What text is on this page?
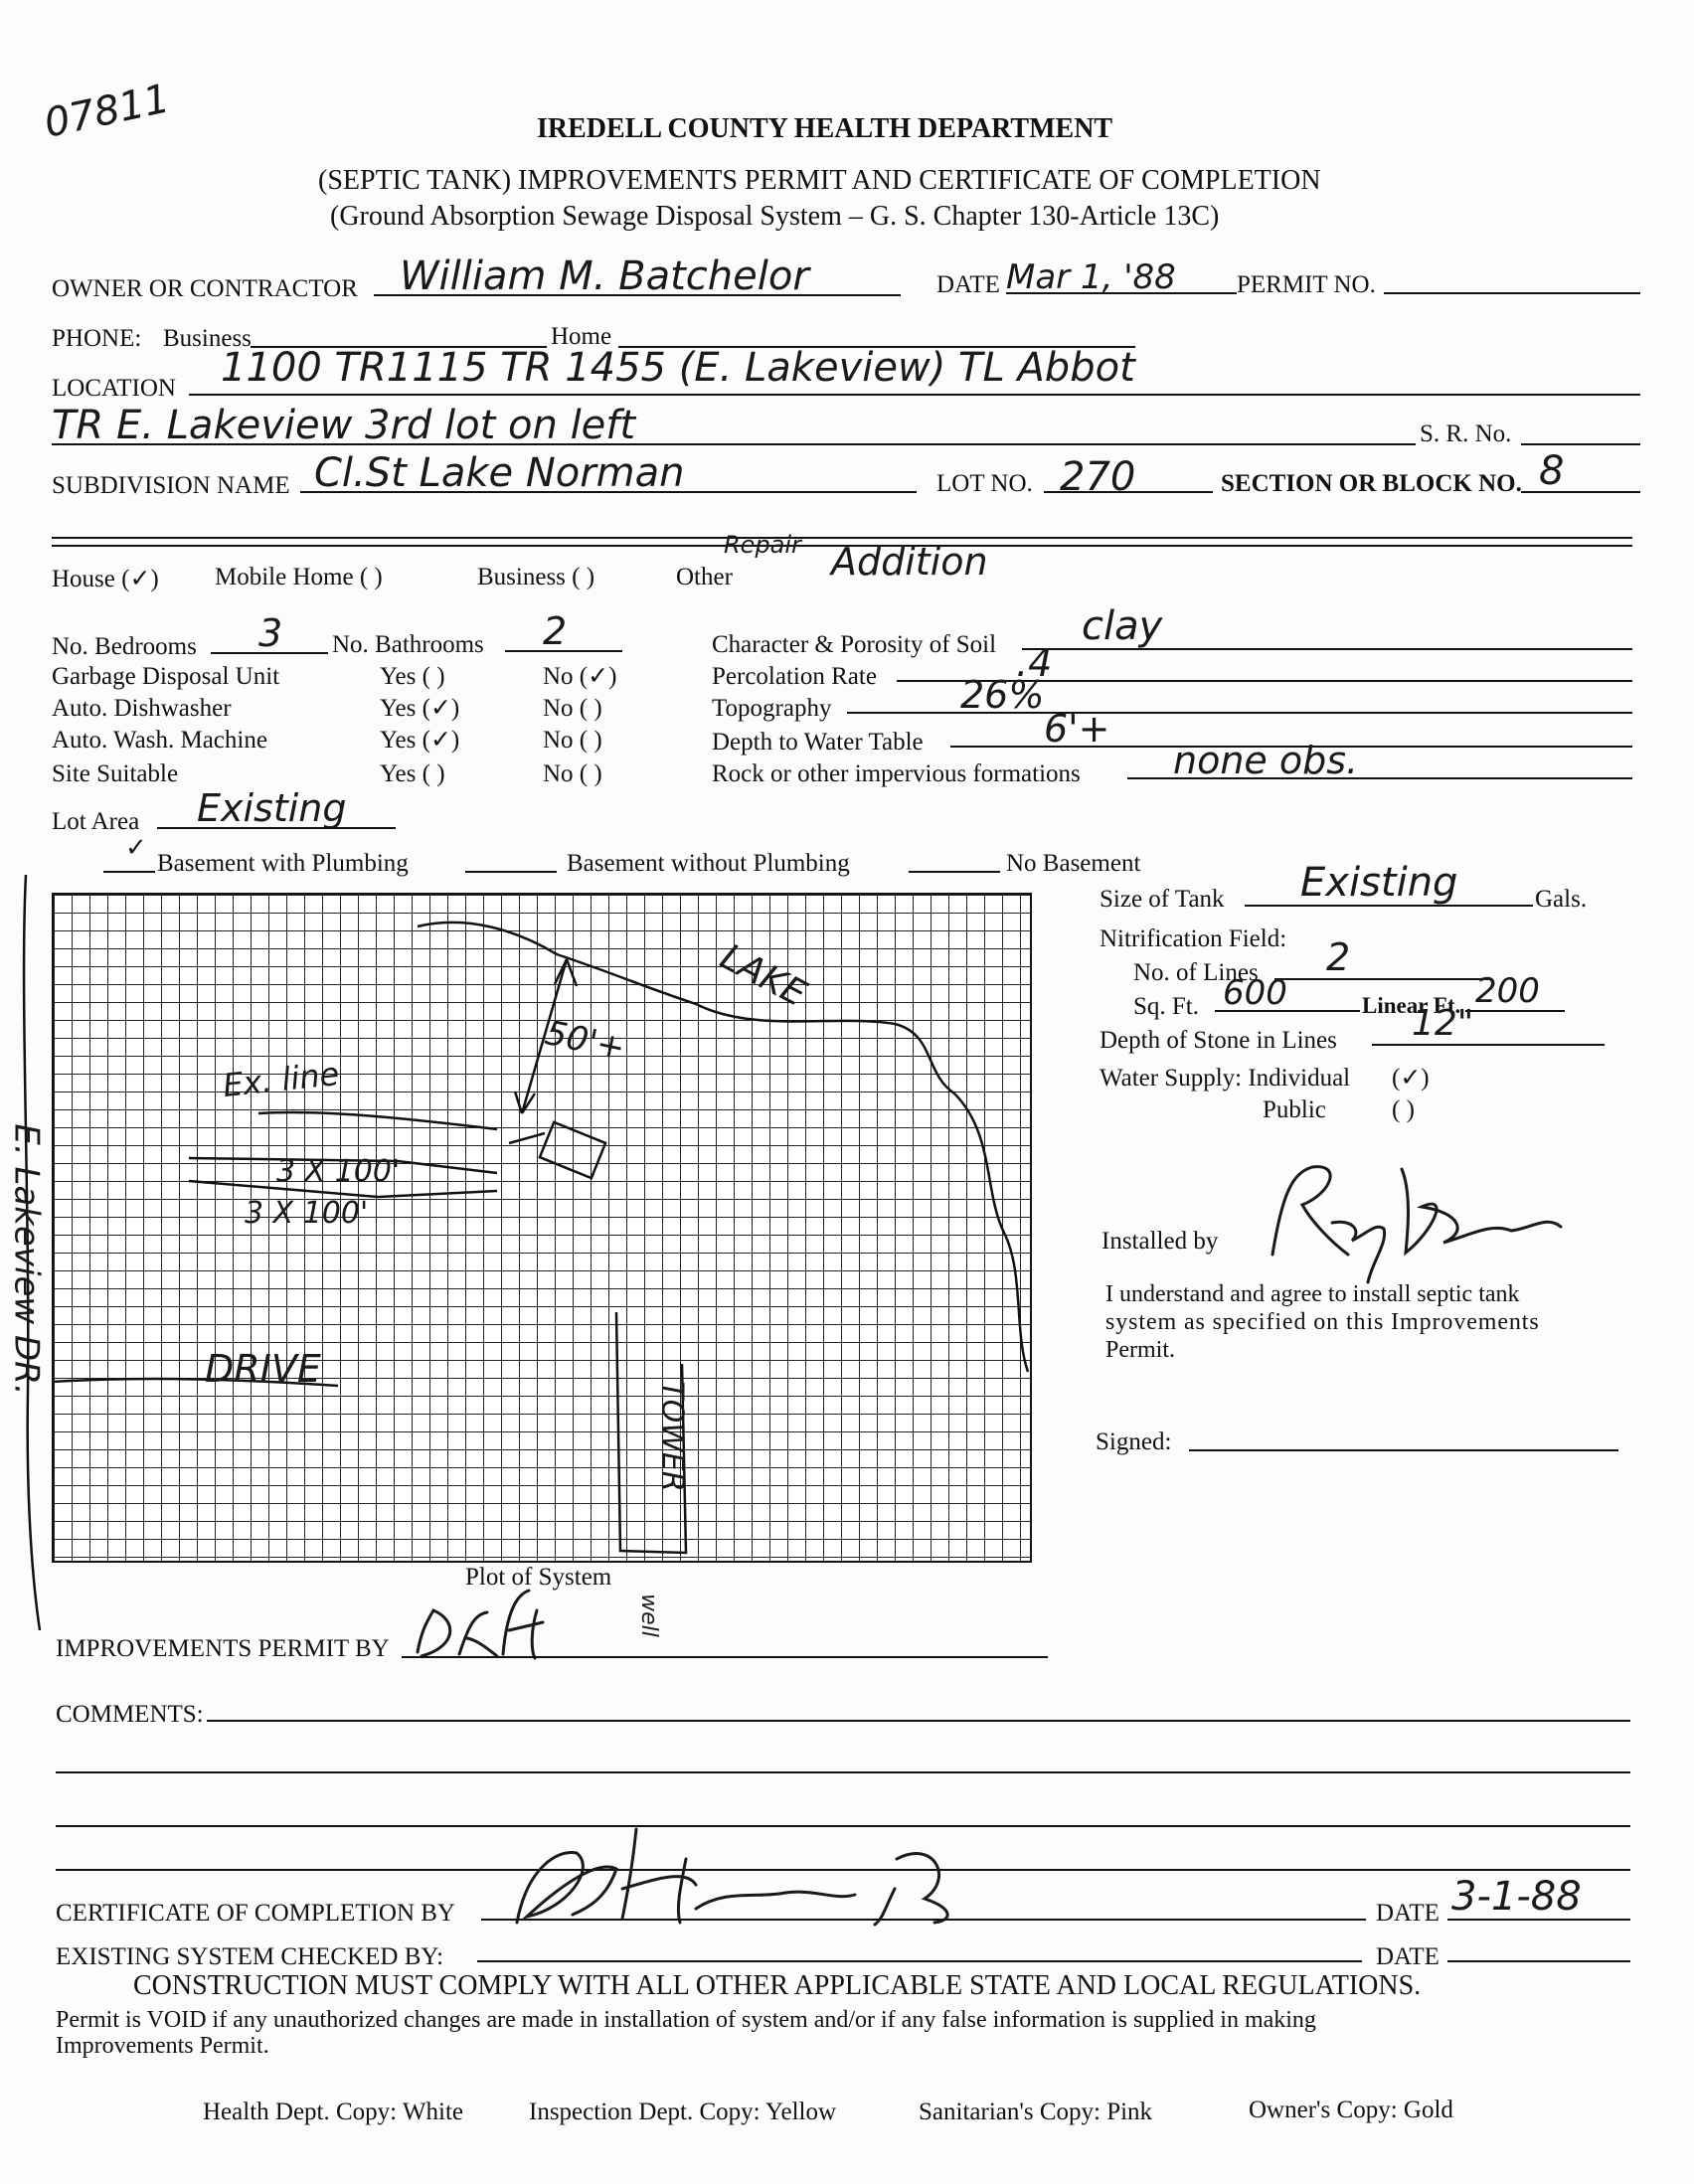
07811	IREDELL COUNTY HEALTH DEPARTMENT
(SEPTIC TANK) IMPROVEMENTS PERMIT AND CERTIFICATE OF COMPLETION
(Ground Absorption Sewage Disposal System – G. S. Chapter 130-Article 13C)
OWNER OR CONTRACTOR William M. Batchelor	DATE Mar 1, '88 PERMIT NO.
PHONE: Business	Home
LOCATION 1100 TR1115 TR 1455 (E. Lakeview) TL Abbot
TR E. Lakeview 3rd lot on left	S. R. No.
SUBDIVISION NAME Cl.St Lake Norman	LOT NO. 270	SECTION OR BLOCK NO. 8
House (✓) Mobile Home ( )	Business ( )	Other
Repair Addition
No. Bedrooms 3 No. Bathrooms 2
Garbage Disposal Unit	Yes ( )	No (✓)
Auto. Dishwasher	Yes (✓)	No ( )
Auto. Wash. Machine	Yes (✓)	No ( )
Site Suitable	Yes ( )	No ( )
Lot Area Existing
Character & Porosity of Soil clay
Percolation Rate	.4
Topography	26%
Depth to Water Table	6'+
Rock or other impervious formations none obs.
✓
Basement with Plumbing	Basement without Plumbing	No Basement
LAKE
50'+
Ex. line
3 X 100'
3 X 100'
DRIVE
TOWER
E. Lakeview DR.
Plot of System
well
Size of Tank Existing	Gals.
Nitrification Field:
No. of Lines 2
Sq. Ft. 600	Linear Ft. 200
Depth of Stone in Lines 12"
Water Supply: Individual (✓)
Public	( )
Installed by
I understand and agree to install septic tank
system as specified on this Improvements
Permit.
Signed:
IMPROVEMENTS PERMIT BY
COMMENTS:
CERTIFICATE OF COMPLETION BY	DATE 3-1-88
EXISTING SYSTEM CHECKED BY:	DATE
CONSTRUCTION MUST COMPLY WITH ALL OTHER APPLICABLE STATE AND LOCAL REGULATIONS.
Permit is VOID if any unauthorized changes are made in installation of system and/or if any false information is supplied in making
Improvements Permit.
Health Dept. Copy: White	Inspection Dept. Copy: Yellow	Sanitarian's Copy: Pink	Owner's Copy: Gold
